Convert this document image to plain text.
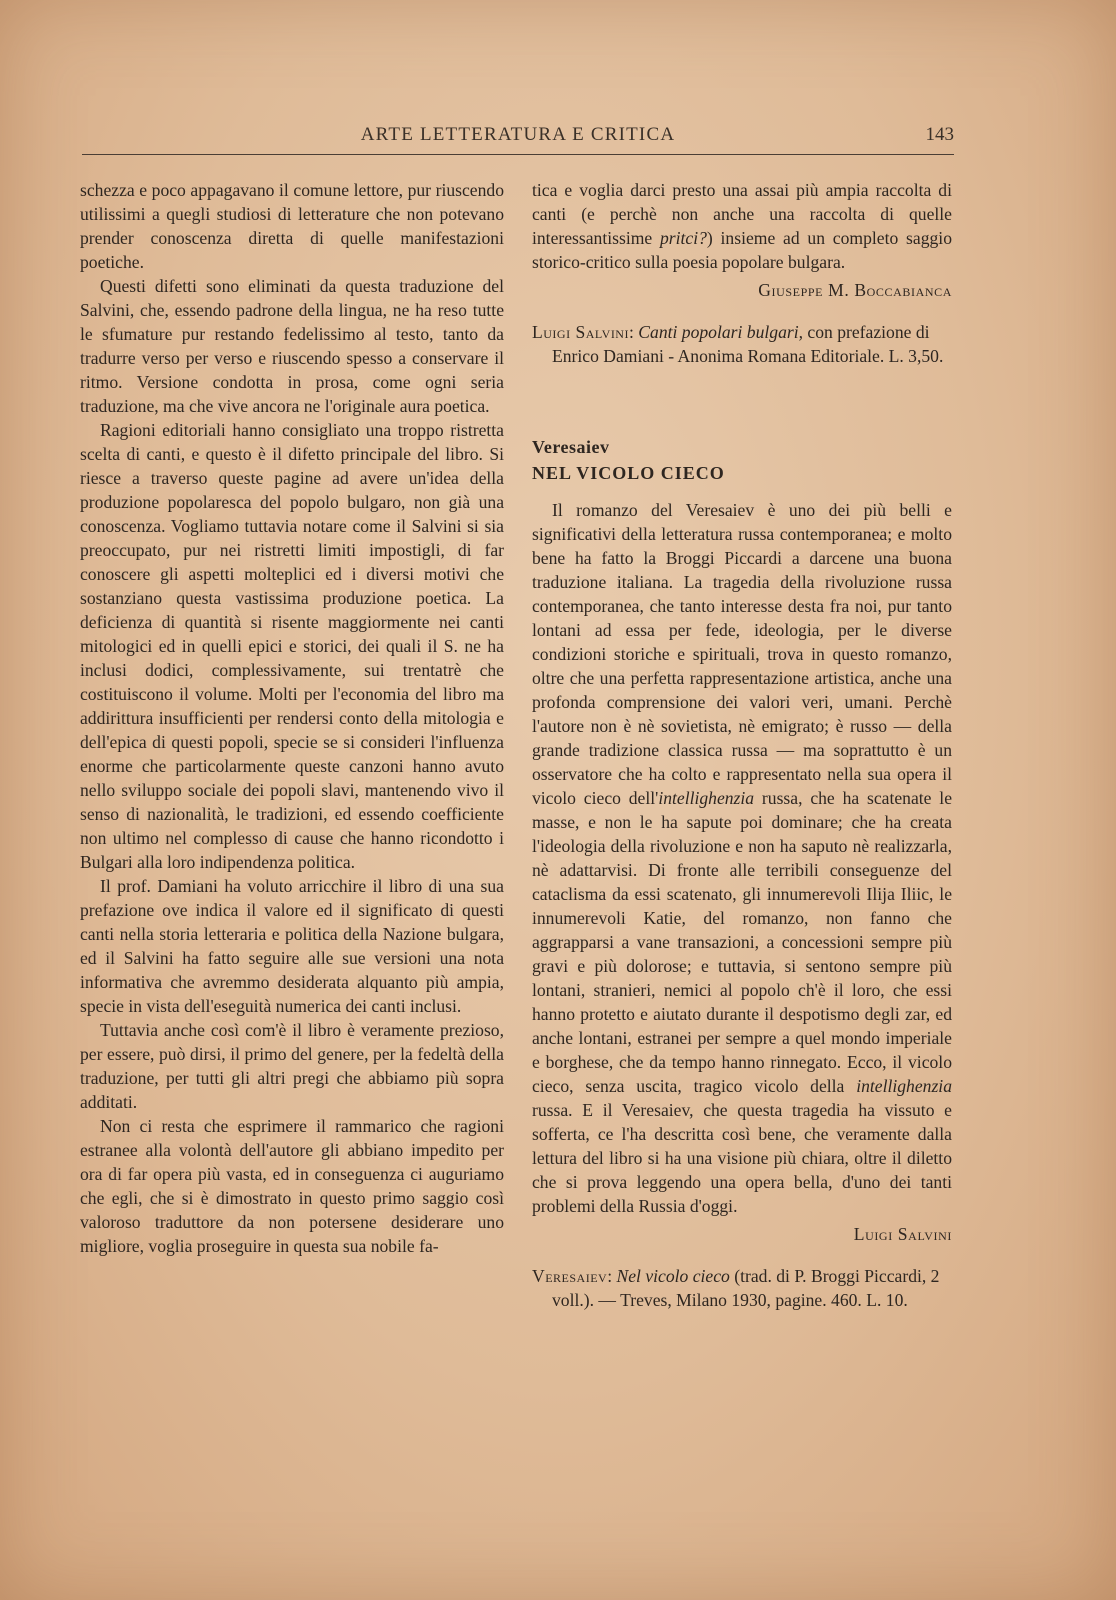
ARTE LETTERATURA E CRITICA	143

schezza e poco appagavano il comune lettore, pur riuscendo utilissimi a quegli studiosi di letterature che non potevano prender conoscenza diretta di quelle manifestazioni poetiche.

Questi difetti sono eliminati da questa traduzione del Salvini, che, essendo padrone della lingua, ne ha reso tutte le sfumature pur restando fedelissimo al testo, tanto da tradurre verso per verso e riuscendo spesso a conservare il ritmo. Versione condotta in prosa, come ogni seria traduzione, ma che vive ancora ne l'originale aura poetica.

Ragioni editoriali hanno consigliato una troppo ristretta scelta di canti, e questo è il difetto principale del libro. Si riesce a traverso queste pagine ad avere un'idea della produzione popolaresca del popolo bulgaro, non già una conoscenza. Vogliamo tuttavia notare come il Salvini si sia preoccupato, pur nei ristretti limiti impostigli, di far conoscere gli aspetti molteplici ed i diversi motivi che sostanziano questa vastissima produzione poetica. La deficienza di quantità si risente maggiormente nei canti mitologici ed in quelli epici e storici, dei quali il S. ne ha inclusi dodici, complessivamente, sui trentatrè che costituiscono il volume. Molti per l'economia del libro ma addirittura insufficienti per rendersi conto della mitologia e dell'epica di questi popoli, specie se si consideri l'influenza enorme che particolarmente queste canzoni hanno avuto nello sviluppo sociale dei popoli slavi, mantenendo vivo il senso di nazionalità, le tradizioni, ed essendo coefficiente non ultimo nel complesso di cause che hanno ricondotto i Bulgari alla loro indipendenza politica.

Il prof. Damiani ha voluto arricchire il libro di una sua prefazione ove indica il valore ed il significato di questi canti nella storia letteraria e politica della Nazione bulgara, ed il Salvini ha fatto seguire alle sue versioni una nota informativa che avremmo desiderata alquanto più ampia, specie in vista dell'eseguità numerica dei canti inclusi.

Tuttavia anche così com'è il libro è veramente prezioso, per essere, può dirsi, il primo del genere, per la fedeltà della traduzione, per tutti gli altri pregi che abbiamo più sopra additati.

Non ci resta che esprimere il rammarico che ragioni estranee alla volontà dell'autore gli abbiano impedito per ora di far opera più vasta, ed in conseguenza ci auguriamo che egli, che si è dimostrato in questo primo saggio così valoroso traduttore da non potersene desiderare uno migliore, voglia proseguire in questa sua nobile fa-

tica e voglia darci presto una assai più ampia raccolta di canti (e perchè non anche una raccolta di quelle interessantissime pritci?) insieme ad un completo saggio storico-critico sulla poesia popolare bulgara.

Giuseppe M. Boccabianca

Luigi Salvini: Canti popolari bulgari, con prefazione di Enrico Damiani - Anonima Romana Editoriale. L. 3,50.

Veresaiev

NEL VICOLO CIECO

Il romanzo del Veresaiev è uno dei più belli e significativi della letteratura russa contemporanea; e molto bene ha fatto la Broggi Piccardi a darcene una buona traduzione italiana. La tragedia della rivoluzione russa contemporanea, che tanto interesse desta fra noi, pur tanto lontani ad essa per fede, ideologia, per le diverse condizioni storiche e spirituali, trova in questo romanzo, oltre che una perfetta rappresentazione artistica, anche una profonda comprensione dei valori veri, umani. Perchè l'autore non è nè sovietista, nè emigrato; è russo — della grande tradizione classica russa — ma soprattutto è un osservatore che ha colto e rappresentato nella sua opera il vicolo cieco dell'intellighenzia russa, che ha scatenate le masse, e non le ha sapute poi dominare; che ha creata l'ideologia della rivoluzione e non ha saputo nè realizzarla, nè adattarvisi. Di fronte alle terribili conseguenze del cataclisma da essi scatenato, gli innumerevoli Ilija Iliic, le innumerevoli Katie, del romanzo, non fanno che aggrapparsi a vane transazioni, a concessioni sempre più gravi e più dolorose; e tuttavia, si sentono sempre più lontani, stranieri, nemici al popolo ch'è il loro, che essi hanno protetto e aiutato durante il despotismo degli zar, ed anche lontani, estranei per sempre a quel mondo imperiale e borghese, che da tempo hanno rinnegato. Ecco, il vicolo cieco, senza uscita, tragico vicolo della intellighenzia russa. E il Veresaiev, che questa tragedia ha vissuto e sofferta, ce l'ha descritta così bene, che veramente dalla lettura del libro si ha una visione più chiara, oltre il diletto che si prova leggendo una opera bella, d'uno dei tanti problemi della Russia d'oggi.

Luigi Salvini

Veresaiev: Nel vicolo cieco (trad. di P. Broggi Piccardi, 2 voll.). — Treves, Milano 1930, pagine. 460. L. 10.
